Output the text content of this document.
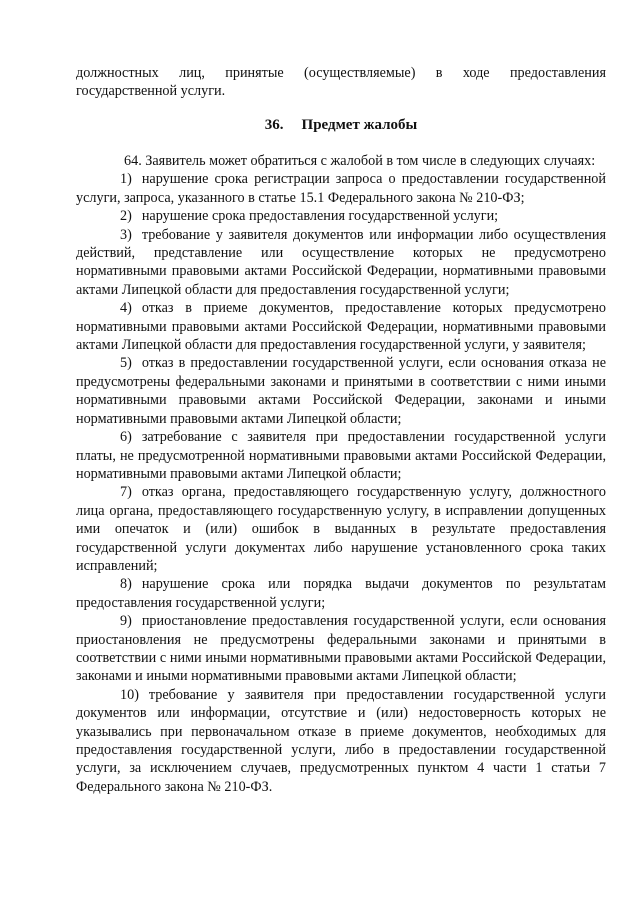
должностных лиц, принятые (осуществляемые) в ходе предоставления государственной услуги.

36. Предмет жалобы

64. Заявитель может обратиться с жалобой в том числе в следующих случаях:

1) нарушение срока регистрации запроса о предоставлении государственной услуги, запроса, указанного в статье 15.1 Федерального закона № 210-ФЗ;

2) нарушение срока предоставления государственной услуги;

3) требование у заявителя документов или информации либо осуществления действий, представление или осуществление которых не предусмотрено нормативными правовыми актами Российской Федерации, нормативными правовыми актами Липецкой области для предоставления государственной услуги;

4) отказ в приеме документов, предоставление которых предусмотрено нормативными правовыми актами Российской Федерации, нормативными правовыми актами Липецкой области для предоставления государственной услуги, у заявителя;

5) отказ в предоставлении государственной услуги, если основания отказа не предусмотрены федеральными законами и принятыми в соответствии с ними иными нормативными правовыми актами Российской Федерации, законами и иными нормативными правовыми актами Липецкой области;

6) затребование с заявителя при предоставлении государственной услуги платы, не предусмотренной нормативными правовыми актами Российской Федерации, нормативными правовыми актами Липецкой области;

7) отказ органа, предоставляющего государственную услугу, должностного лица органа, предоставляющего государственную услугу, в исправлении допущенных ими опечаток и (или) ошибок в выданных в результате предоставления государственной услуги документах либо нарушение установленного срока таких исправлений;

8) нарушение срока или порядка выдачи документов по результатам предоставления государственной услуги;

9) приостановление предоставления государственной услуги, если основания приостановления не предусмотрены федеральными законами и принятыми в соответствии с ними иными нормативными правовыми актами Российской Федерации, законами и иными нормативными правовыми актами Липецкой области;

10) требование у заявителя при предоставлении государственной услуги документов или информации, отсутствие и (или) недостоверность которых не указывались при первоначальном отказе в приеме документов, необходимых для предоставления государственной услуги, либо в предоставлении государственной услуги, за исключением случаев, предусмотренных пунктом 4 части 1 статьи 7 Федерального закона № 210-ФЗ.
